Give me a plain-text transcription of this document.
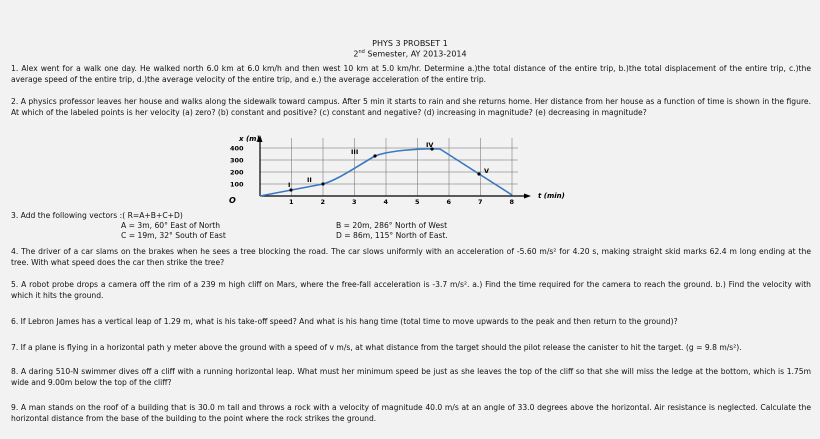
PHYS 3 PROBSET 1
2nd Semester, AY 2013-2014

1. Alex went for a walk one day. He walked north 6.0 km at 6.0 km/h and then west 10 km at 5.0 km/hr. Determine a.)the total distance of the entire trip, b.)the total displacement of the entire trip, c.)the average speed of the entire trip, d.)the average velocity of the entire trip, and e.) the average acceleration of the entire trip.

2. A physics professor leaves her house and walks along the sidewalk toward campus. After 5 min it starts to rain and she returns home. Her distance from her house as a function of time is shown in the figure. At which of the labeled points is her velocity (a) zero? (b) constant and positive? (c) constant and negative? (d) increasing in magnitude? (e) decreasing in magnitude?

x (m)
t (min)
O
400
300
200
100
1	2	3	4	5	6	7	8
I
II
III
IV
V

3. Add the following vectors :( R=A+B+C+D)

A = 3m, 60° East of North	B = 20m, 286° North of West
C = 19m, 32° South of East	D = 86m, 115° North of East.

4. The driver of a car slams on the brakes when he sees a tree blocking the road. The car slows uniformly with an acceleration of -5.60 m/s² for 4.20 s, making straight skid marks 62.4 m long ending at the tree. With what speed does the car then strike the tree?

5. A robot probe drops a camera off the rim of a 239 m high cliff on Mars, where the free-fall acceleration is -3.7 m/s². a.) Find the time required for the camera to reach the ground. b.) Find the velocity with which it hits the ground.

6. If Lebron James has a vertical leap of 1.29 m, what is his take-off speed? And what is his hang time (total time to move upwards to the peak and then return to the ground)?

7. If a plane is flying in a horizontal path y meter above the ground with a speed of v m/s, at what distance from the target should the pilot release the canister to hit the target. (g = 9.8 m/s²).

8. A daring 510-N swimmer dives off a cliff with a running horizontal leap. What must her minimum speed be just as she leaves the top of the cliff so that she will miss the ledge at the bottom, which is 1.75m wide and 9.00m below the top of the cliff?

9. A man stands on the roof of a building that is 30.0 m tall and throws a rock with a velocity of magnitude 40.0 m/s at an angle of 33.0 degrees above the horizontal. Air resistance is neglected. Calculate the horizontal distance from the base of the building to the point where the rock strikes the ground.
